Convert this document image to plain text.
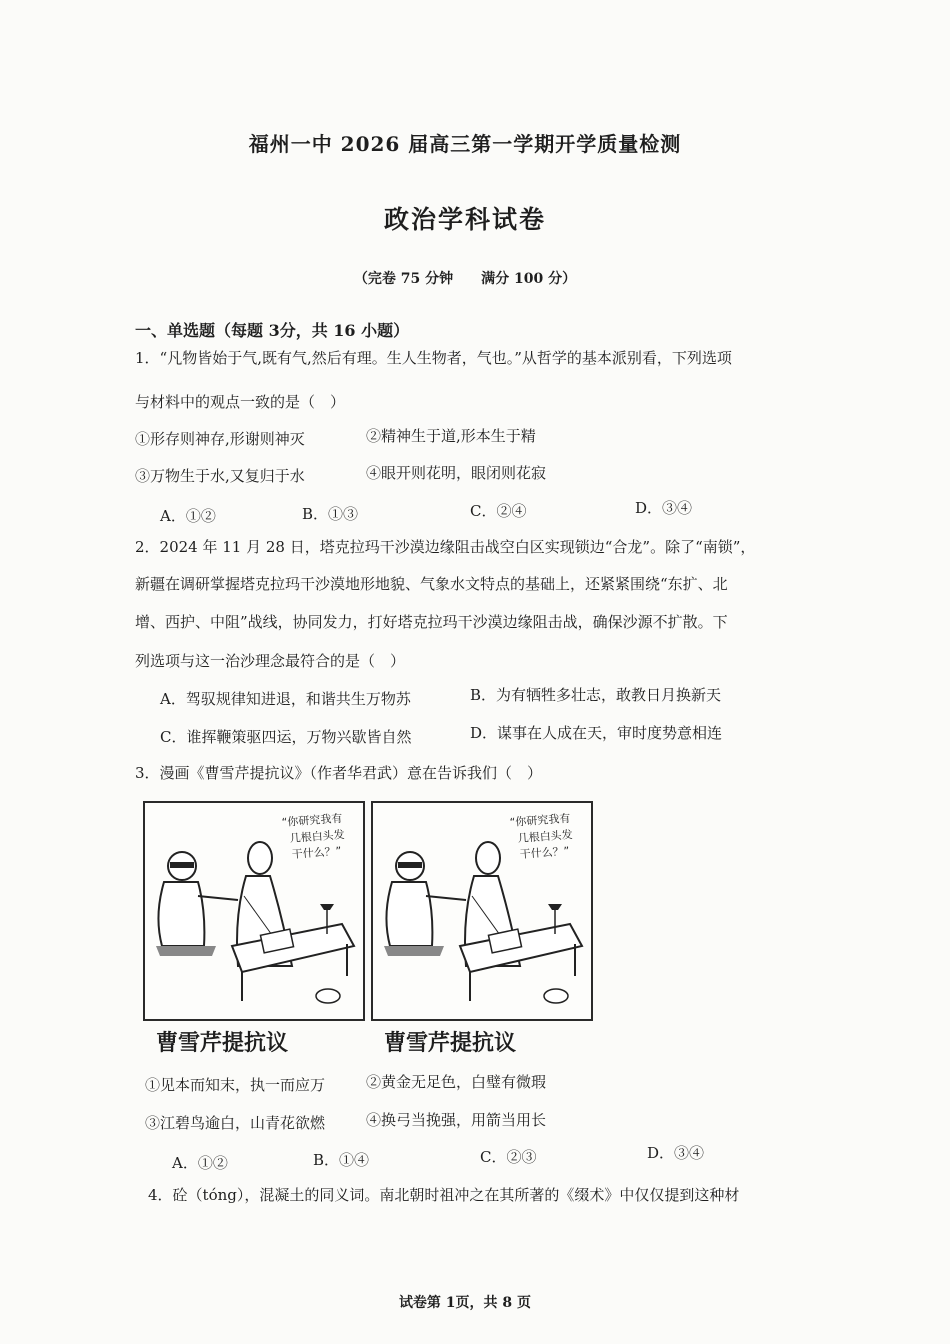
福州一中 2026 届高三第一学期开学质量检测
政治学科试卷
（完卷 75 分钟　　满分 100 分）
一、单选题（每题 3分，共 16 小题）
1．“凡物皆始于气,既有气,然后有理。生人生物者，气也。”从哲学的基本派别看，下列选项
与材料中的观点一致的是（　）
①形存则神存,形谢则神灭	②精神生于道,形本生于精
③万物生于水,又复归于水	④眼开则花明，眼闭则花寂
A．①②	B．①③	C．②④	D．③④
2．2024 年 11 月 28 日，塔克拉玛干沙漠边缘阻击战空白区实现锁边“合龙”。除了“南锁”，
新疆在调研掌握塔克拉玛干沙漠地形地貌、气象水文特点的基础上，还紧紧围绕“东扩、北
增、西护、中阻”战线，协同发力，打好塔克拉玛干沙漠边缘阻击战，确保沙源不扩散。下
列选项与这一治沙理念最符合的是（　）
A．驾驭规律知进退，和谐共生万物苏	B．为有牺牲多壮志，敢教日月换新天
C．谁挥鞭策驱四运，万物兴歇皆自然	D．谋事在人成在天，审时度势意相连
3．漫画《曹雪芹提抗议》（作者华君武）意在告诉我们（　）
“你研究我有
几根白头发
干什么？”
“你研究我有
几根白头发
干什么？”
曹雪芹提抗议	曹雪芹提抗议
①见本而知末，执一而应万	②黄金无足色，白璧有微瑕
③江碧鸟逾白，山青花欲燃	④换弓当挽强，用箭当用长
A．①②	B．①④	C．②③	D．③④
4．砼（tóng），混凝土的同义词。南北朝时祖冲之在其所著的《缀术》中仅仅提到这种材
试卷第 1页，共 8 页
